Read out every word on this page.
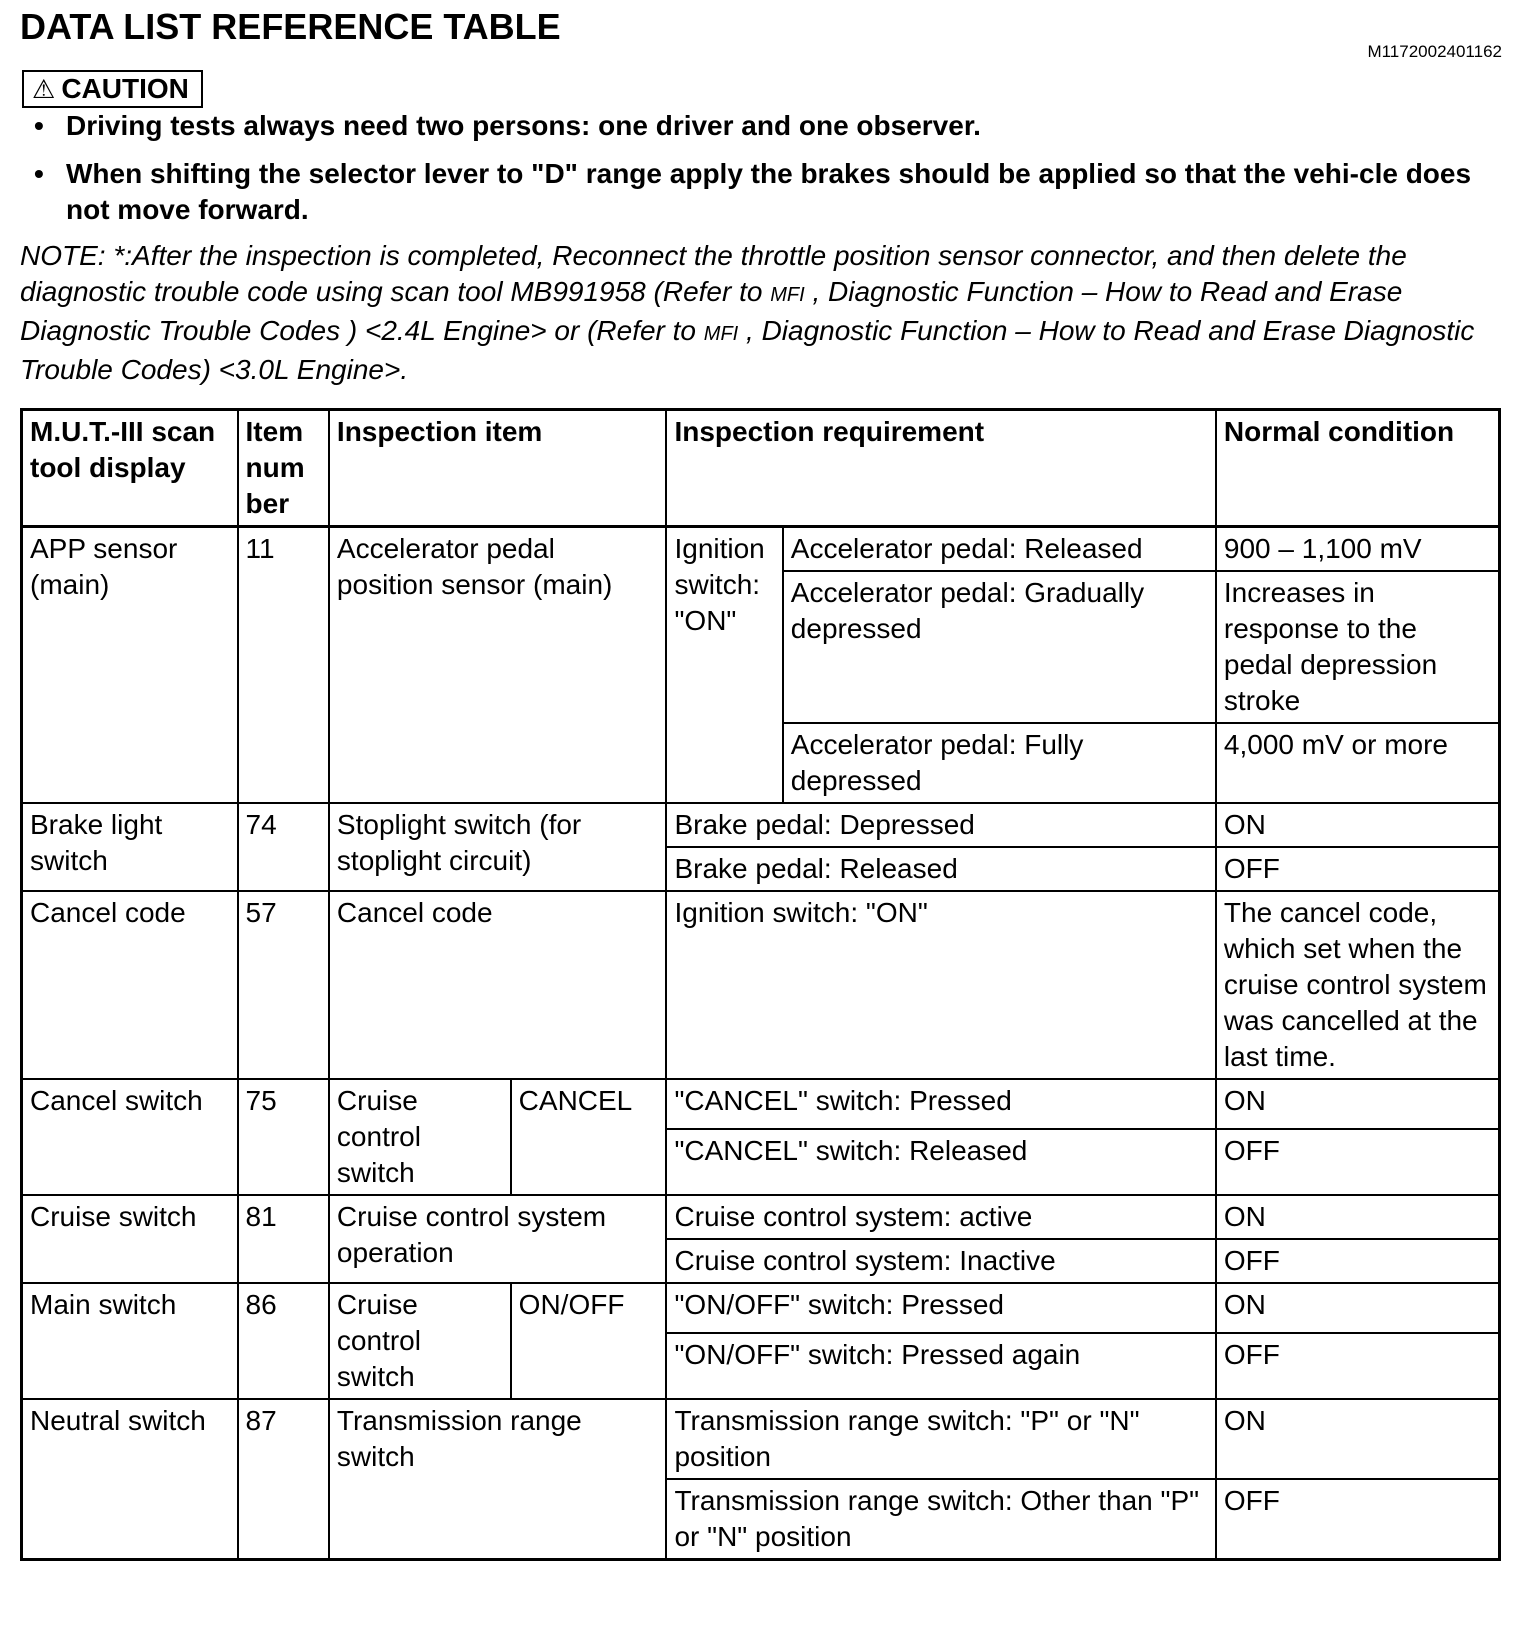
DATA LIST REFERENCE TABLE
M1172002401162
⚠ CAUTION
• Driving tests always need two persons: one driver and one observer.
• When shifting the selector lever to "D" range apply the brakes should be applied so that the vehi-cle does not move forward.
NOTE: *:After the inspection is completed, Reconnect the throttle position sensor connector, and then delete the diagnostic trouble code using scan tool MB991958 (Refer to MFI , Diagnostic Function – How to Read and Erase Diagnostic Trouble Codes ) <2.4L Engine> or (Refer to MFI , Diagnostic Function – How to Read and Erase Diagnostic Trouble Codes) <3.0L Engine>.
M.U.T.-III scan tool display	Item num ber	Inspection item		Inspection requirement		Normal condition
APP sensor (main)	11	Accelerator pedal position sensor (main)		Ignition switch: "ON"	Accelerator pedal: Released	900 – 1,100 mV
					Accelerator pedal: Gradually depressed	Increases in response to the pedal depression stroke
					Accelerator pedal: Fully depressed	4,000 mV or more
Brake light switch	74	Stoplight switch (for stoplight circuit)		Brake pedal: Depressed		ON
				Brake pedal: Released		OFF
Cancel code	57	Cancel code		Ignition switch: "ON"		The cancel code, which set when the cruise control system was cancelled at the last time.
Cancel switch	75	Cruise control switch	CANCEL	"CANCEL" switch: Pressed		ON
				"CANCEL" switch: Released		OFF
Cruise switch	81	Cruise control system operation		Cruise control system: active		ON
				Cruise control system: Inactive		OFF
Main switch	86	Cruise control switch	ON/OFF	"ON/OFF" switch: Pressed		ON
				"ON/OFF" switch: Pressed again		OFF
Neutral switch	87	Transmission range switch		Transmission range switch: "P" or "N" position		ON
				Transmission range switch: Other than "P" or "N" position		OFF
